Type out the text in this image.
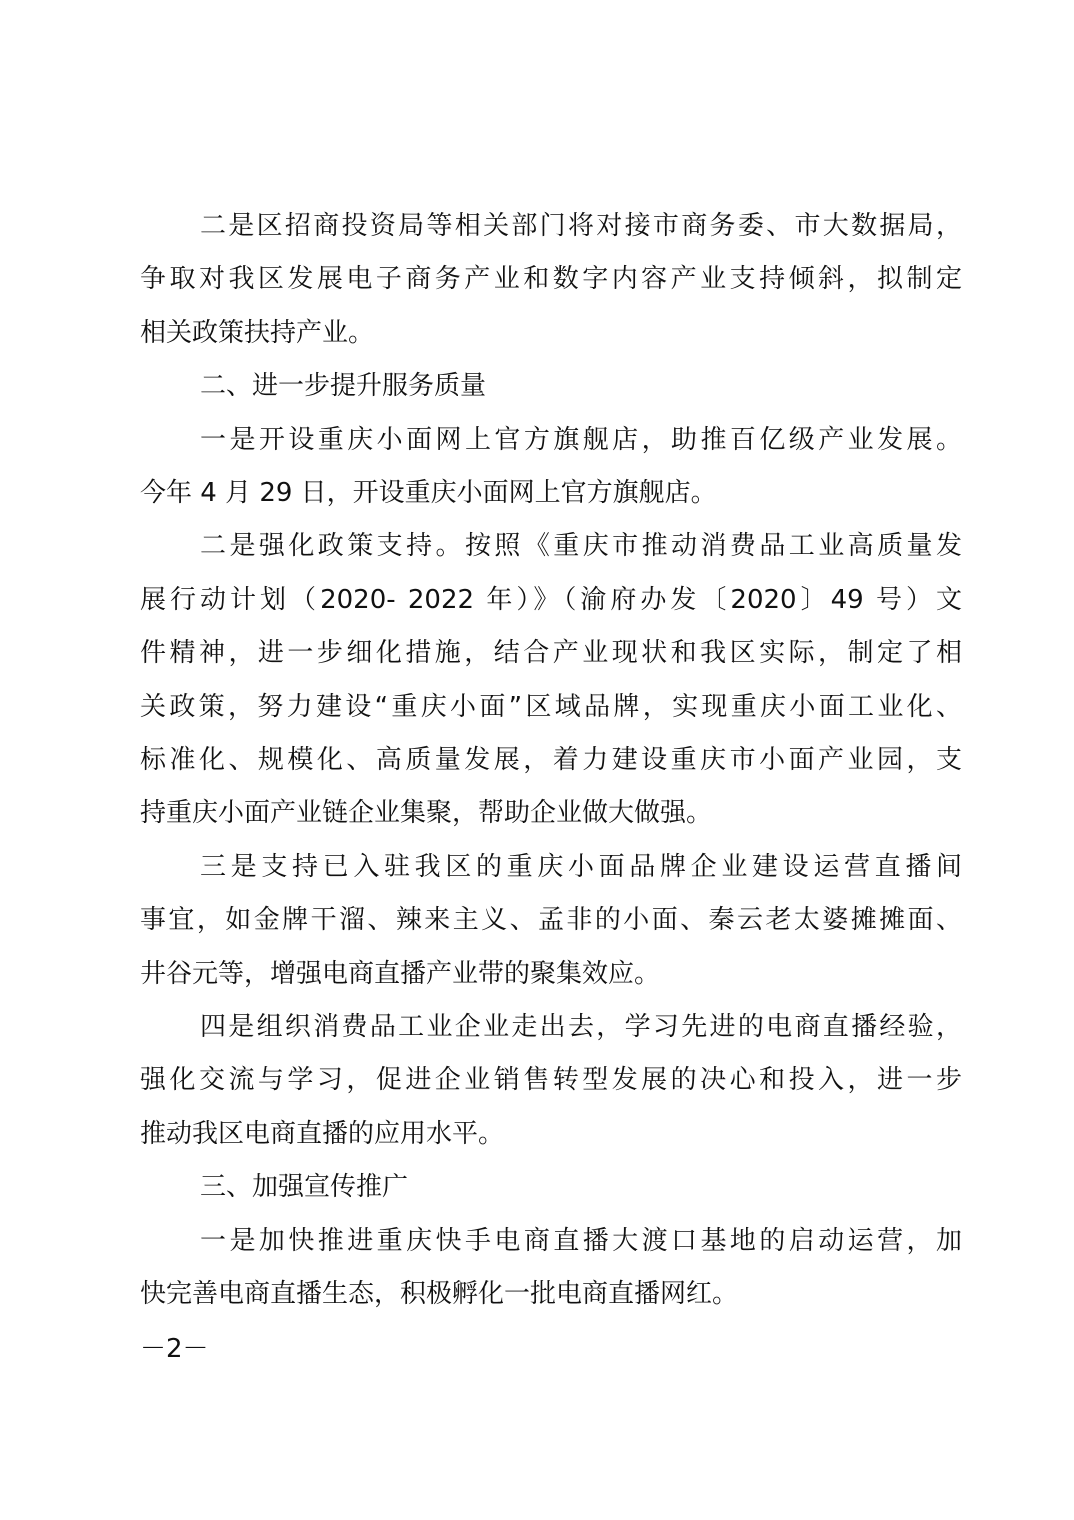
二是区招商投资局等相关部门将对接市商务委、市大数据局，
争取对我区发展电子商务产业和数字内容产业支持倾斜，拟制定
相关政策扶持产业。
二、进一步提升服务质量
一是开设重庆小面网上官方旗舰店，助推百亿级产业发展。
今年 4 月 29 日，开设重庆小面网上官方旗舰店。
二是强化政策支持。按照《重庆市推动消费品工业高质量发
展行动计划（2020- 2022 年）》（渝府办发〔2020〕49 号）文
件精神，进一步细化措施，结合产业现状和我区实际，制定了相
关政策，努力建设“重庆小面”区域品牌，实现重庆小面工业化、
标准化、规模化、高质量发展，着力建设重庆市小面产业园，支
持重庆小面产业链企业集聚，帮助企业做大做强。
三是支持已入驻我区的重庆小面品牌企业建设运营直播间
事宜，如金牌干溜、辣来主义、孟非的小面、秦云老太婆摊摊面、
井谷元等，增强电商直播产业带的聚集效应。
四是组织消费品工业企业走出去，学习先进的电商直播经验，
强化交流与学习，促进企业销售转型发展的决心和投入，进一步
推动我区电商直播的应用水平。
三、加强宣传推广
一是加快推进重庆快手电商直播大渡口基地的启动运营，加
快完善电商直播生态，积极孵化一批电商直播网红。
－2－
